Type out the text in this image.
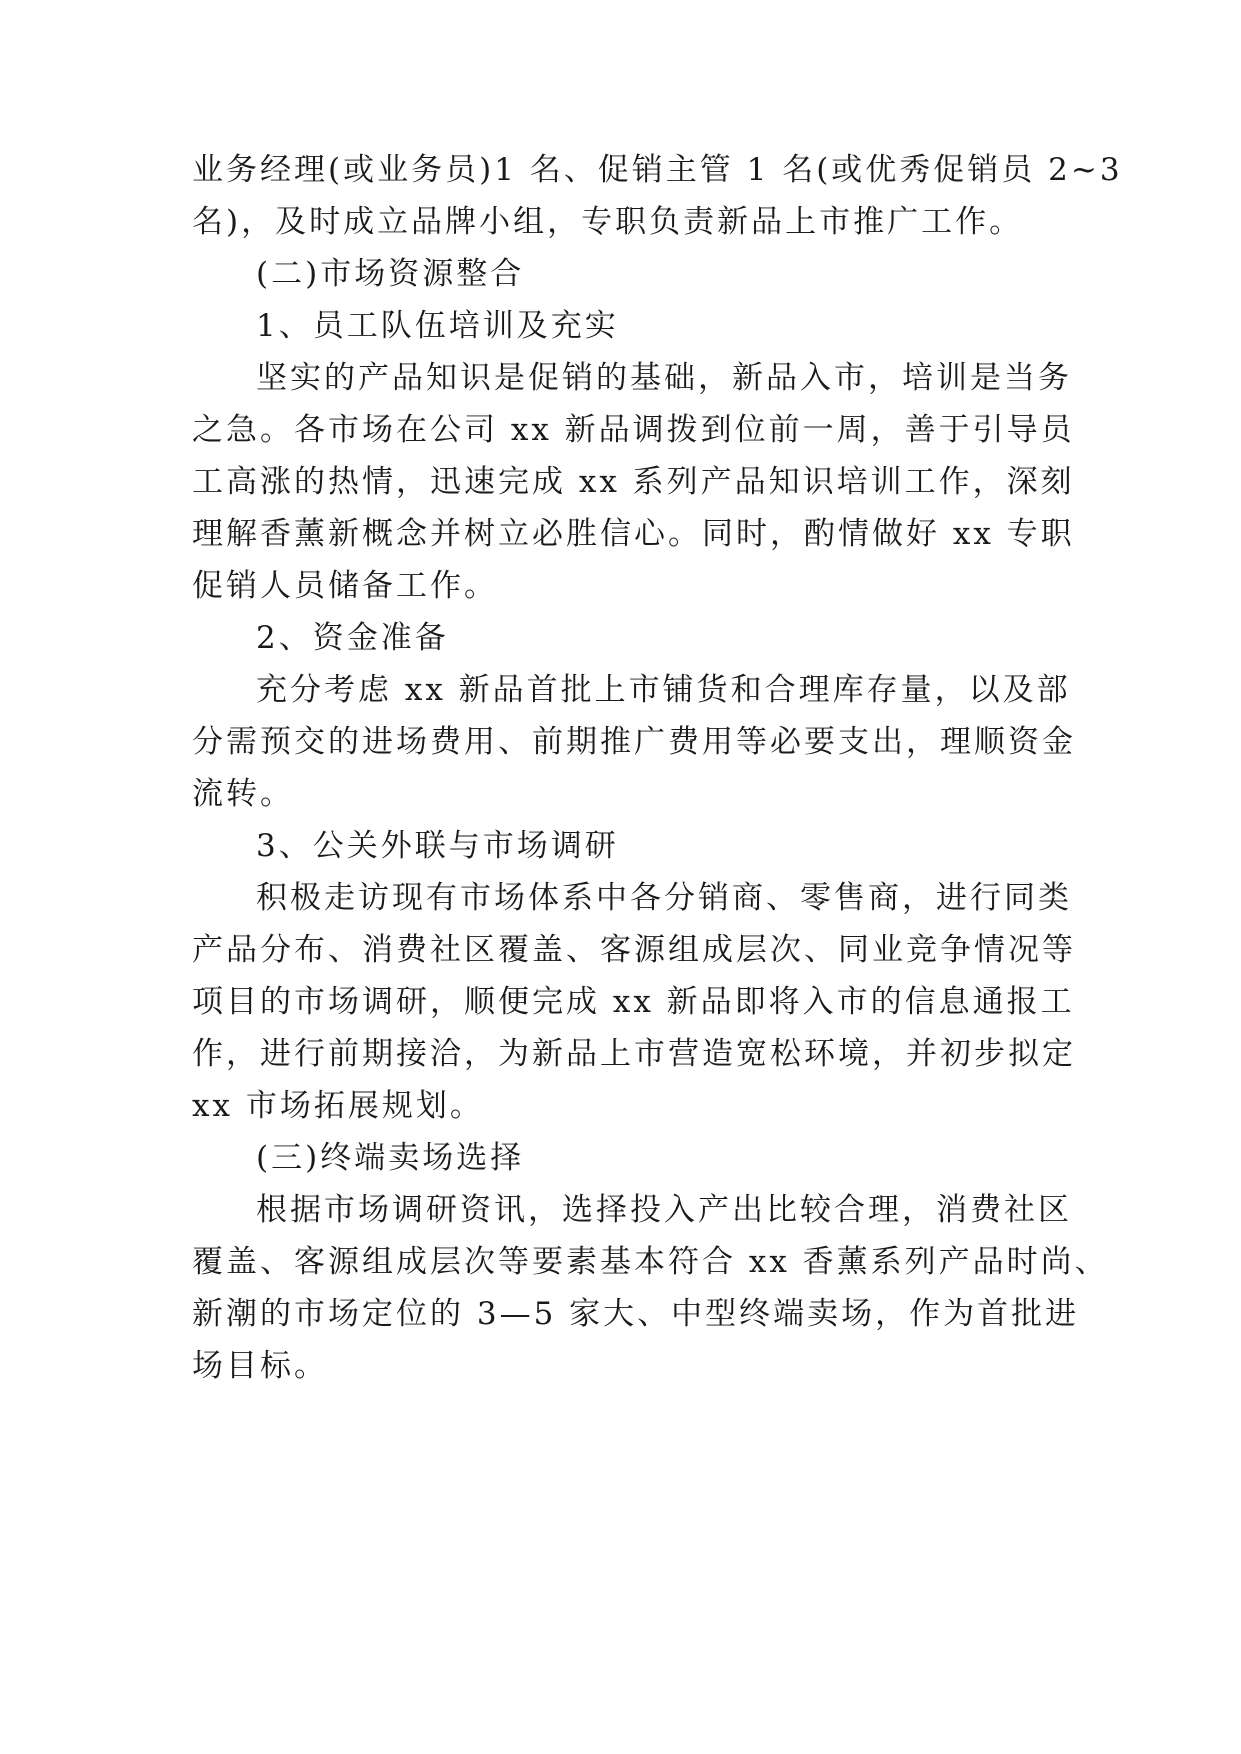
业务经理(或业务员)1 名、促销主管 1 名(或优秀促销员 2~3
名)，及时成立品牌小组，专职负责新品上市推广工作。
(二)市场资源整合
1、员工队伍培训及充实
坚实的产品知识是促销的基础，新品入市，培训是当务
之急。各市场在公司 xx 新品调拨到位前一周，善于引导员
工高涨的热情，迅速完成 xx 系列产品知识培训工作，深刻
理解香薰新概念并树立必胜信心。同时，酌情做好 xx 专职
促销人员储备工作。
2、资金准备
充分考虑 xx 新品首批上市铺货和合理库存量，以及部
分需预交的进场费用、前期推广费用等必要支出，理顺资金
流转。
3、公关外联与市场调研
积极走访现有市场体系中各分销商、零售商，进行同类
产品分布、消费社区覆盖、客源组成层次、同业竞争情况等
项目的市场调研，顺便完成 xx 新品即将入市的信息通报工
作，进行前期接洽，为新品上市营造宽松环境，并初步拟定
xx 市场拓展规划。
(三)终端卖场选择
根据市场调研资讯，选择投入产出比较合理，消费社区
覆盖、客源组成层次等要素基本符合 xx 香薰系列产品时尚、
新潮的市场定位的 3—5 家大、中型终端卖场，作为首批进
场目标。
